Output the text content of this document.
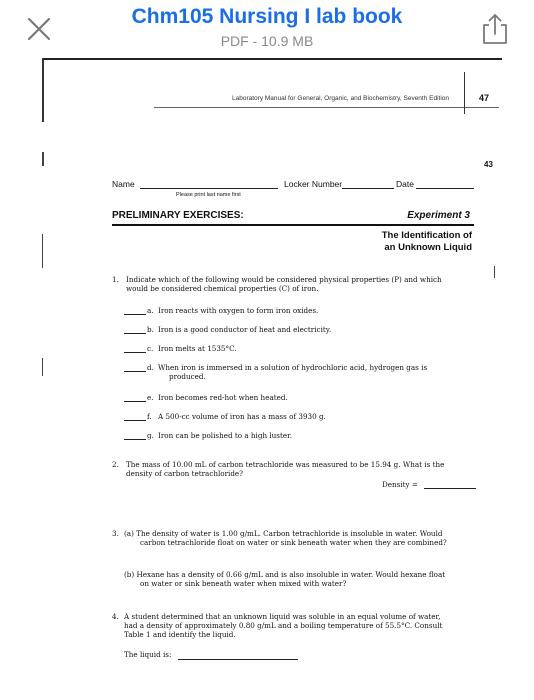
Chm105 Nursing I lab book
PDF - 10.9 MB
Laboratory Manual for General, Organic, and Biochemistry, Seventh Edition	47
43
Name
Please print last name first
Locker Number	Date
PRELIMINARY EXERCISES:	Experiment 3
The Identification of
an Unknown Liquid
1. Indicate which of the following would be considered physical properties (P) and which
would be considered chemical properties (C) of iron.
a. Iron reacts with oxygen to form iron oxides.
b. Iron is a good conductor of heat and electricity.
c. Iron melts at 1535°C.
d. When iron is immersed in a solution of hydrochloric acid, hydrogen gas is
produced.
e. Iron becomes red-hot when heated.
f. A 500-cc volume of iron has a mass of 3930 g.
g. Iron can be polished to a high luster.
2. The mass of 10.00 mL of carbon tetrachloride was measured to be 15.94 g. What is the
density of carbon tetrachloride?
Density =
3. (a) The density of water is 1.00 g/mL. Carbon tetrachloride is insoluble in water. Would
carbon tetrachloride float on water or sink beneath water when they are combined?
(b) Hexane has a density of 0.66 g/mL and is also insoluble in water. Would hexane float
on water or sink beneath water when mixed with water?
4. A student determined that an unknown liquid was soluble in an equal volume of water,
had a density of approximately 0.80 g/mL and a boiling temperature of 55.5°C. Consult
Table 1 and identify the liquid.
The liquid is:
